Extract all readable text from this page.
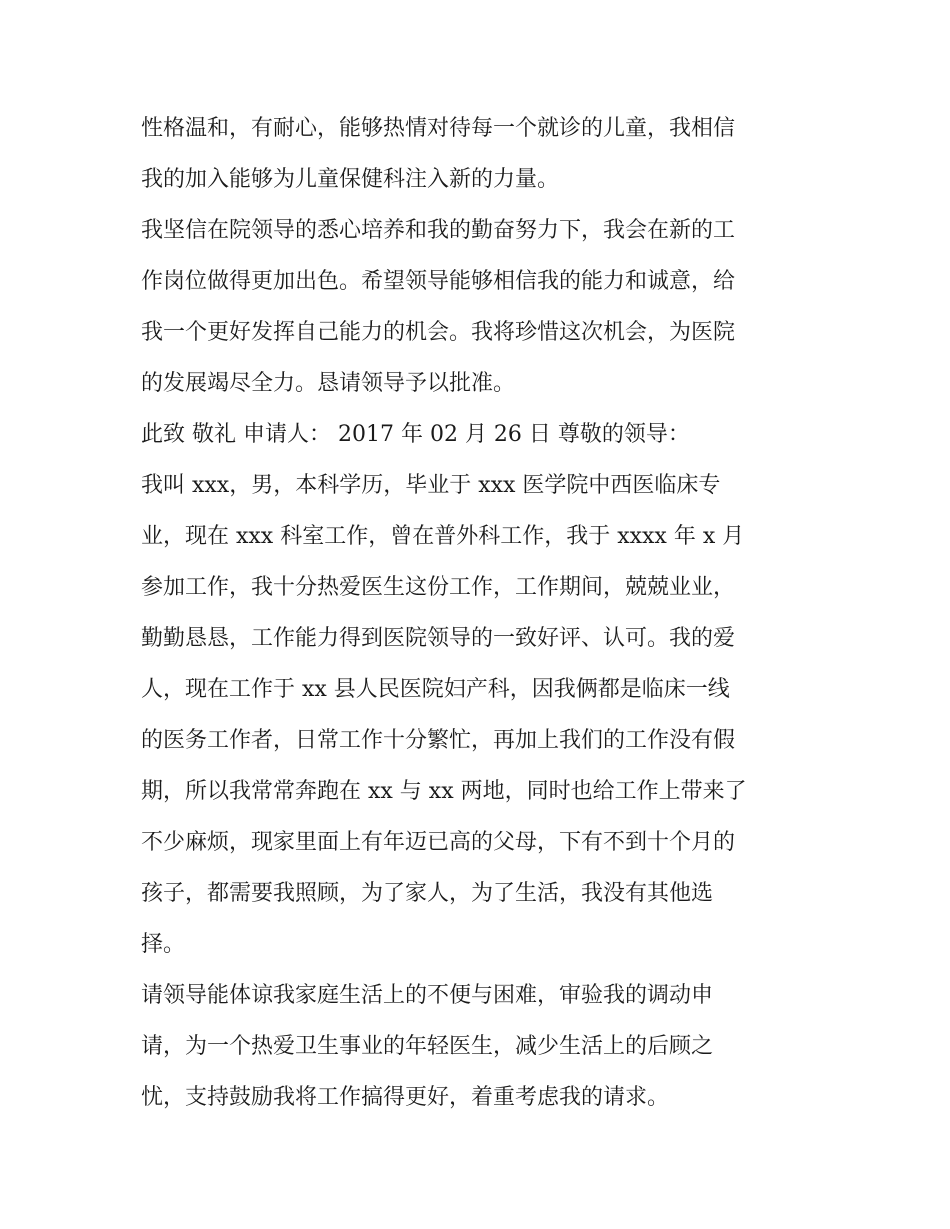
性格温和，有耐心，能够热情对待每一个就诊的儿童，我相信
我的加入能够为儿童保健科注入新的力量。
我坚信在院领导的悉心培养和我的勤奋努力下，我会在新的工
作岗位做得更加出色。希望领导能够相信我的能力和诚意，给
我一个更好发挥自己能力的机会。我将珍惜这次机会，为医院
的发展竭尽全力。恳请领导予以批准。
此致 敬礼 申请人： 2017 年 02 月 26 日 尊敬的领导：
我叫 xxx，男，本科学历，毕业于 xxx 医学院中西医临床专
业，现在 xxx 科室工作，曾在普外科工作，我于 xxxx 年 x 月
参加工作，我十分热爱医生这份工作，工作期间，兢兢业业，
勤勤恳恳，工作能力得到医院领导的一致好评、认可。我的爱
人，现在工作于 xx 县人民医院妇产科，因我俩都是临床一线
的医务工作者，日常工作十分繁忙，再加上我们的工作没有假
期，所以我常常奔跑在 xx 与 xx 两地，同时也给工作上带来了
不少麻烦，现家里面上有年迈已高的父母，下有不到十个月的
孩子，都需要我照顾，为了家人，为了生活，我没有其他选
择。
请领导能体谅我家庭生活上的不便与困难，审验我的调动申
请，为一个热爱卫生事业的年轻医生，减少生活上的后顾之
忧，支持鼓励我将工作搞得更好，着重考虑我的请求。
